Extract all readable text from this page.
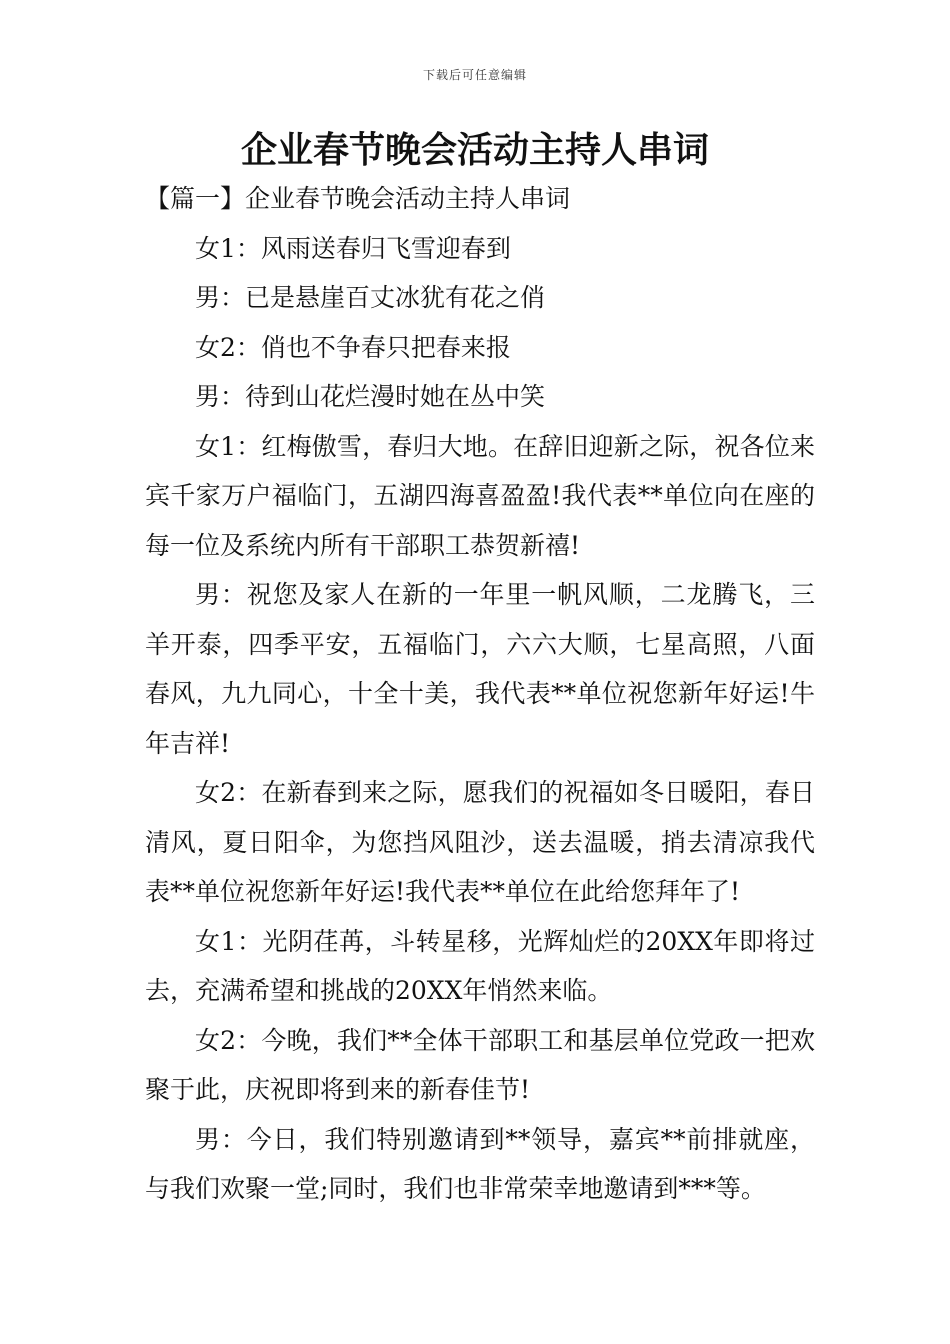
下载后可任意编辑
企业春节晚会活动主持人串词

【篇一】企业春节晚会活动主持人串词

女1：风雨送春归飞雪迎春到

男：已是悬崖百丈冰犹有花之俏

女2：俏也不争春只把春来报

男：待到山花烂漫时她在丛中笑

女1：红梅傲雪，春归大地。在辞旧迎新之际，祝各位来宾千家万户福临门，五湖四海喜盈盈!我代表**单位向在座的每一位及系统内所有干部职工恭贺新禧!

男：祝您及家人在新的一年里一帆风顺，二龙腾飞，三羊开泰，四季平安，五福临门，六六大顺，七星高照，八面春风，九九同心，十全十美，我代表**单位祝您新年好运!牛年吉祥!

女2：在新春到来之际，愿我们的祝福如冬日暖阳，春日清风，夏日阳伞，为您挡风阻沙，送去温暖，捎去清凉我代表**单位祝您新年好运!我代表**单位在此给您拜年了!

女1：光阴荏苒，斗转星移，光辉灿烂的20XX年即将过去，充满希望和挑战的20XX年悄然来临。

女2：今晚，我们**全体干部职工和基层单位党政一把欢聚于此，庆祝即将到来的新春佳节!

男：今日，我们特别邀请到**领导，嘉宾**前排就座，与我们欢聚一堂;同时，我们也非常荣幸地邀请到***等。
